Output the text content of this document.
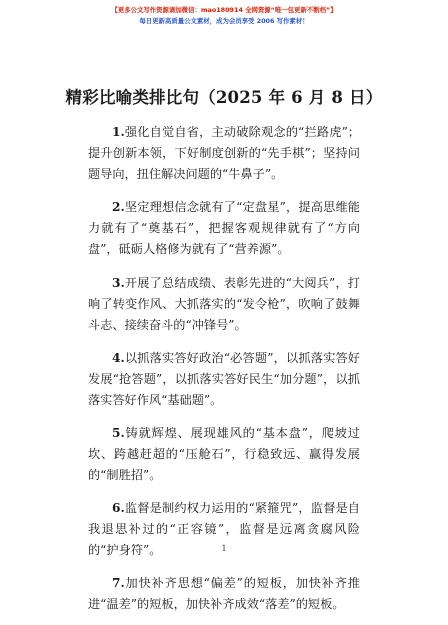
【更多公文写作资源请加微信：mao180914 全网资源“唯一包更新不断档”】
每日更新高质量公文素材，成为会员享受 2006 写作素材！
精彩比喻类排比句（2025 年 6 月 8 日）

1.强化自觉自省，主动破除观念的“拦路虎”；提升创新本领，下好制度创新的“先手棋”；坚持问题导向，扭住解决问题的“牛鼻子”。

2.坚定理想信念就有了“定盘星”，提高思维能力就有了“奠基石”，把握客观规律就有了“方向盘”，砥砺人格修为就有了“营养源”。

3.开展了总结成绩、表彰先进的“大阅兵”，打响了转变作风、大抓落实的“发令枪”，吹响了鼓舞斗志、接续奋斗的“冲锋号”。

4.以抓落实答好政治“必答题”，以抓落实答好发展“抢答题”，以抓落实答好民生“加分题”，以抓落实答好作风“基础题”。

5.铸就辉煌、展现雄风的“基本盘”，爬坡过坎、跨越赶超的“压舱石”，行稳致远、赢得发展的“制胜招”。

6.监督是制约权力运用的“紧箍咒”，监督是自我退思补过的“正容镜”，监督是远离贪腐风险的“护身符”。

7.加快补齐思想“偏差”的短板，加快补齐推进“温差”的短板，加快补齐成效“落差”的短板。

1
